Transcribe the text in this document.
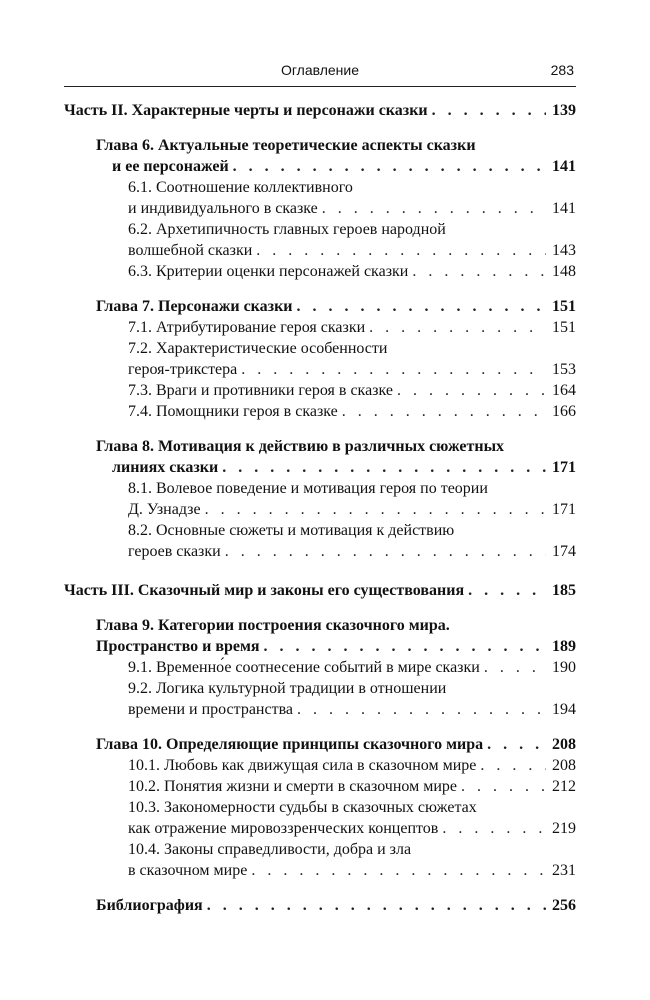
Оглавление	283
Часть II. Характерные черты и персонажи сказки . . .	139
Глава 6. Актуальные теоретические аспекты сказки
и ее персонажей . . .	141
6.1. Соотношение коллективного
и индивидуального в сказке . . .	141
6.2. Архетипичность главных героев народной
волшебной сказки . . .	143
6.3. Критерии оценки персонажей сказки . . .	148
Глава 7. Персонажи сказки . . .	151
7.1. Атрибутирование героя сказки . . .	151
7.2. Характеристические особенности
героя-трикстера . . .	153
7.3. Враги и противники героя в сказке . . .	164
7.4. Помощники героя в сказке . . .	166
Глава 8. Мотивация к действию в различных сюжетных
линиях сказки . . .	171
8.1. Волевое поведение и мотивация героя по теории
Д. Узнадзе . . .	171
8.2. Основные сюжеты и мотивация к действию
героев сказки . . .	174
Часть III. Сказочный мир и законы его существования . . .	185
Глава 9. Категории построения сказочного мира.
Пространство и время . . .	189
9.1. Временно́е соотнесение событий в мире сказки . . .	190
9.2. Логика культурной традиции в отношении
времени и пространства . . .	194
Глава 10. Определяющие принципы сказочного мира . . .	208
10.1. Любовь как движущая сила в сказочном мире . . .	208
10.2. Понятия жизни и смерти в сказочном мире . . .	212
10.3. Закономерности судьбы в сказочных сюжетах
как отражение мировоззренческих концептов . . .	219
10.4. Законы справедливости, добра и зла
в сказочном мире . . .	231
Библиография . . .	256
